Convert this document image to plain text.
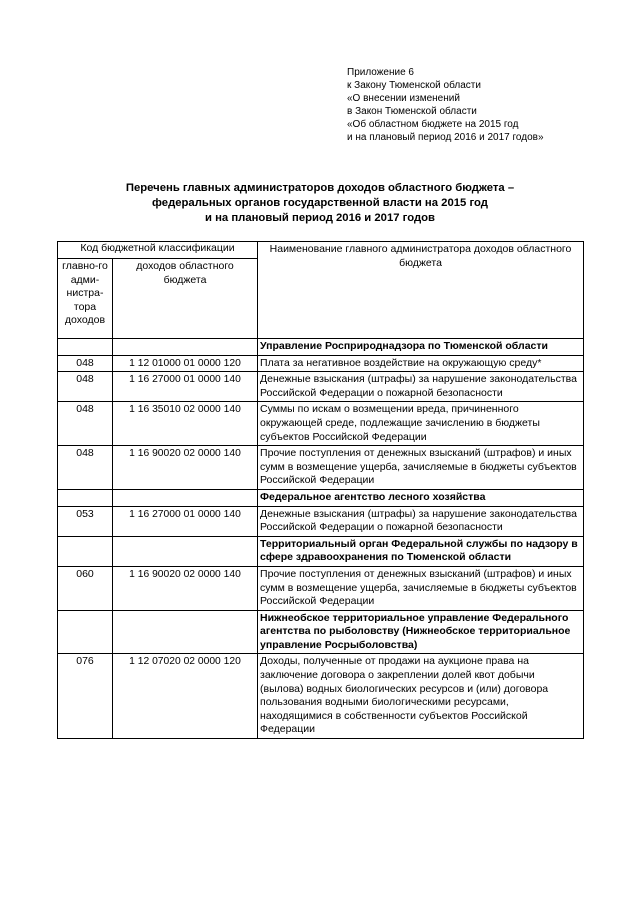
Приложение 6
к Закону Тюменской области
«О внесении изменений
в Закон Тюменской области
«Об областном бюджете на 2015 год
и на плановый период 2016 и 2017 годов»
Перечень главных администраторов доходов областного бюджета –
федеральных органов государственной власти на 2015 год
и на плановый период 2016 и 2017 годов
Код бюджетной классификации		Наименование главного администратора доходов областного бюджета
главно-го адми-нистра-тора доходов	доходов областного бюджета	
		Управление Росприроднадзора по Тюменской области
048	1 12 01000 01 0000 120	Плата за негативное воздействие на окружающую среду*
048	1 16 27000 01 0000 140	Денежные взыскания (штрафы) за нарушение законодательства Российской Федерации о пожарной безопасности
048	1 16 35010 02 0000 140	Суммы по искам о возмещении вреда, причиненного окружающей среде, подлежащие зачислению в бюджеты субъектов Российской Федерации
048	1 16 90020 02 0000 140	Прочие поступления от денежных взысканий (штрафов) и иных сумм в возмещение ущерба, зачисляемые в бюджеты субъектов Российской Федерации
		Федеральное агентство лесного хозяйства
053	1 16 27000 01 0000 140	Денежные взыскания (штрафы) за нарушение законодательства Российской Федерации о пожарной безопасности
		Территориальный орган Федеральной службы по надзору в сфере здравоохранения по Тюменской области
060	1 16 90020 02 0000 140	Прочие поступления от денежных взысканий (штрафов) и иных сумм в возмещение ущерба, зачисляемые в бюджеты субъектов Российской Федерации
		Нижнеобское территориальное управление Федерального агентства по рыболовству (Нижнеобское территориальное управление Росрыболовства)
076	1 12 07020 02 0000 120	Доходы, полученные от продажи на аукционе права на заключение договора о закреплении долей квот добычи (вылова) водных биологических ресурсов и (или) договора пользования водными биологическими ресурсами, находящимися в собственности субъектов Российской Федерации
